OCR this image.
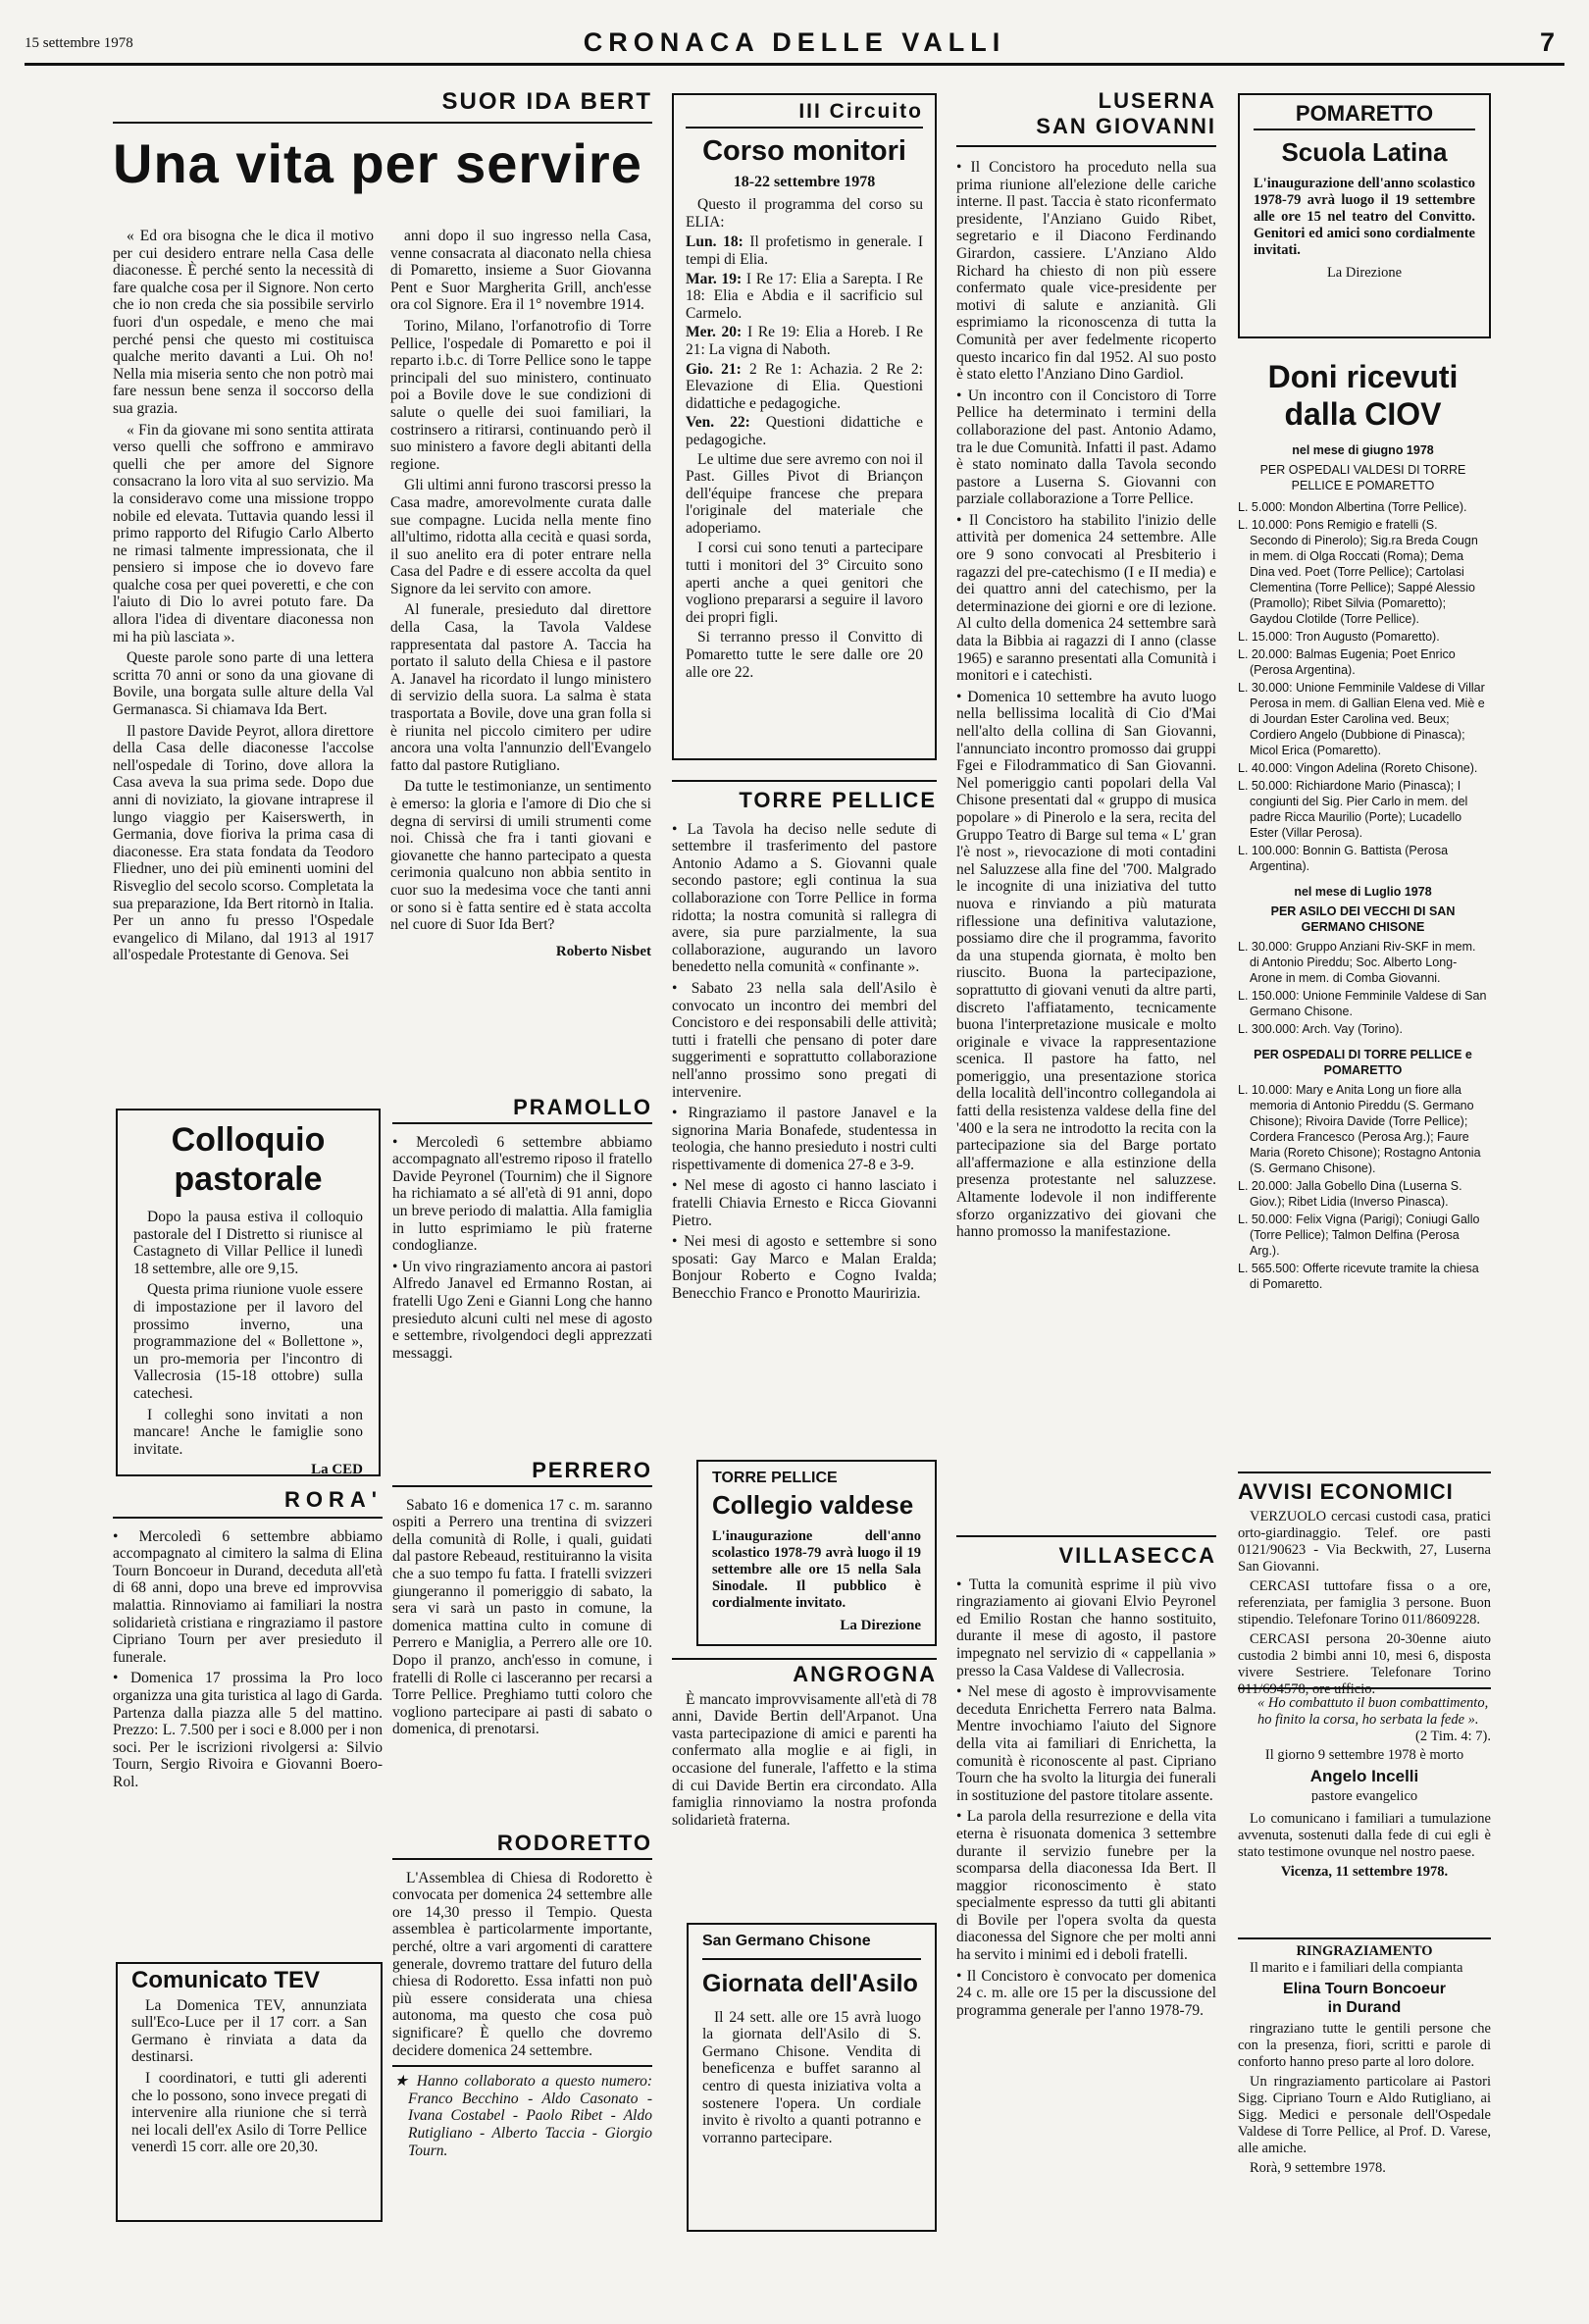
15 settembre 1978	CRONACA DELLE VALLI	7
SUOR IDA BERT
Una vita per servire

« Ed ora bisogna che le dica il motivo per cui desidero entrare nella Casa delle diaconesse. È perché sento la necessità di fare qualche cosa per il Signore. Non certo che io non creda che sia possibile servirlo fuori d'un ospedale, e meno che mai perché pensi che questo mi costituisca qualche merito davanti a Lui. Oh no! Nella mia miseria sento che non potrò mai fare nessun bene senza il soccorso della sua grazia.

« Fin da giovane mi sono sentita attirata verso quelli che soffrono e ammiravo quelli che per amore del Signore consacrano la loro vita al suo servizio. Ma la consideravo come una missione troppo nobile ed elevata. Tuttavia quando lessi il primo rapporto del Rifugio Carlo Alberto ne rimasi talmente impressionata, che il pensiero si impose che io dovevo fare qualche cosa per quei poveretti, e che con l'aiuto di Dio lo avrei potuto fare. Da allora l'idea di diventare diaconessa non mi ha più lasciata ».

Queste parole sono parte di una lettera scritta 70 anni or sono da una giovane di Bovile, una borgata sulle alture della Val Germanasca. Si chiamava Ida Bert.

Il pastore Davide Peyrot, allora direttore della Casa delle diaconesse l'accolse nell'ospedale di Torino, dove allora la Casa aveva la sua prima sede. Dopo due anni di noviziato, la giovane intraprese il lungo viaggio per Kaiserswerth, in Germania, dove fioriva la prima casa di diaconesse. Era stata fondata da Teodoro Fliedner, uno dei più eminenti uomini del Risveglio del secolo scorso. Completata la sua preparazione, Ida Bert ritornò in Italia. Per un anno fu presso l'Ospedale evangelico di Milano, dal 1913 al 1917 all'ospedale Protestante di Genova. Sei

anni dopo il suo ingresso nella Casa, venne consacrata al diaconato nella chiesa di Pomaretto, insieme a Suor Giovanna Pent e Suor Margherita Grill, anch'esse ora col Signore. Era il 1° novembre 1914.

Torino, Milano, l'orfanotrofio di Torre Pellice, l'ospedale di Pomaretto e poi il reparto i.b.c. di Torre Pellice sono le tappe principali del suo ministero, continuato poi a Bovile dove le sue condizioni di salute o quelle dei suoi familiari, la costrinsero a ritirarsi, continuando però il suo ministero a favore degli abitanti della regione.

Gli ultimi anni furono trascorsi presso la Casa madre, amorevolmente curata dalle sue compagne. Lucida nella mente fino all'ultimo, ridotta alla cecità e quasi sorda, il suo anelito era di poter entrare nella Casa del Padre e di essere accolta da quel Signore da lei servito con amore.

Al funerale, presieduto dal direttore della Casa, la Tavola Valdese rappresentata dal pastore A. Taccia ha portato il saluto della Chiesa e il pastore A. Janavel ha ricordato il lungo ministero di servizio della suora. La salma è stata trasportata a Bovile, dove una gran folla si è riunita nel piccolo cimitero per udire ancora una volta l'annunzio dell'Evangelo fatto dal pastore Rutigliano.

Da tutte le testimonianze, un sentimento è emerso: la gloria e l'amore di Dio che si degna di servirsi di umili strumenti come noi. Chissà che fra i tanti giovani e giovanette che hanno partecipato a questa cerimonia qualcuno non abbia sentito in cuor suo la medesima voce che tanti anni or sono si è fatta sentire ed è stata accolta nel cuore di Suor Ida Bert?

Roberto Nisbet
III Circuito
Corso monitori
18-22 settembre 1978

Questo il programma del corso su ELIA:

Lun. 18: Il profetismo in generale. I tempi di Elia.
Mar. 19: I Re 17: Elia a Sarepta. I Re 18: Elia e Abdia e il sacrificio sul Carmelo.
Mer. 20: I Re 19: Elia a Horeb. I Re 21: La vigna di Naboth.
Gio. 21: 2 Re 1: Achazia. 2 Re 2: Elevazione di Elia. Questioni didattiche e pedagogiche.
Ven. 22: Questioni didattiche e pedagogiche.

Le ultime due sere avremo con noi il Past. Gilles Pivot di Briançon dell'équipe francese che prepara l'originale del materiale che adoperiamo.

I corsi cui sono tenuti a partecipare tutti i monitori del 3° Circuito sono aperti anche a quei genitori che vogliono prepararsi a seguire il lavoro dei propri figli.

Si terranno presso il Convitto di Pomaretto tutte le sere dalle ore 20 alle ore 22.

TORRE PELLICE

• La Tavola ha deciso nelle sedute di settembre il trasferimento del pastore Antonio Adamo a S. Giovanni quale secondo pastore; egli continua la sua collaborazione con Torre Pellice in forma ridotta; la nostra comunità si rallegra di avere, sia pure parzialmente, la sua collaborazione, augurando un lavoro benedetto nella comunità « confinante ».

• Sabato 23 nella sala dell'Asilo è convocato un incontro dei membri del Concistoro e dei responsabili delle attività; tutti i fratelli che pensano di poter dare suggerimenti e soprattutto collaborazione nell'anno prossimo sono pregati di intervenire.

• Ringraziamo il pastore Janavel e la signorina Maria Bonafede, studentessa in teologia, che hanno presieduto i nostri culti rispettivamente di domenica 27-8 e 3-9.

• Nel mese di agosto ci hanno lasciato i fratelli Chiavia Ernesto e Ricca Giovanni Pietro.

• Nei mesi di agosto e settembre si sono sposati: Gay Marco e Malan Eralda; Bonjour Roberto e Cogno Ivalda; Benecchio Franco e Pronotto Mauririzia.

TORRE PELLICE
Collegio valdese
L'inaugurazione dell'anno scolastico 1978-79 avrà luogo il 19 settembre alle ore 15 nella Sala Sinodale. Il pubblico è cordialmente invitato.
La Direzione
ANGROGNA

È mancato improvvisamente all'età di 78 anni, Davide Bertin dell'Arpanot. Una vasta partecipazione di amici e parenti ha confermato alla moglie e ai figli, in occasione del funerale, l'affetto e la stima di cui Davide Bertin era circondato. Alla famiglia rinnoviamo la nostra profonda solidarietà fraterna.

San Germano Chisone
Giornata dell'Asilo

Il 24 sett. alle ore 15 avrà luogo la giornata dell'Asilo di S. Germano Chisone. Vendita di beneficenza e buffet saranno al centro di questa iniziativa volta a sostenere l'opera. Un cordiale invito è rivolto a quanti potranno e vorranno partecipare.

LUSERNA
SAN GIOVANNI

• Il Concistoro ha proceduto nella sua prima riunione all'elezione delle cariche interne. Il past. Taccia è stato riconfermato presidente, l'Anziano Guido Ribet, segretario e il Diacono Ferdinando Girardon, cassiere. L'Anziano Aldo Richard ha chiesto di non più essere confermato quale vice-presidente per motivi di salute e anzianità. Gli esprimiamo la riconoscenza di tutta la Comunità per aver fedelmente ricoperto questo incarico fin dal 1952. Al suo posto è stato eletto l'Anziano Dino Gardiol.

• Un incontro con il Concistoro di Torre Pellice ha determinato i termini della collaborazione del past. Antonio Adamo, tra le due Comunità. Infatti il past. Adamo è stato nominato dalla Tavola secondo pastore a Luserna S. Giovanni con parziale collaborazione a Torre Pellice.

• Il Concistoro ha stabilito l'inizio delle attività per domenica 24 settembre. Alle ore 9 sono convocati al Presbiterio i ragazzi del pre-catechismo (I e II media) e dei quattro anni del catechismo, per la determinazione dei giorni e ore di lezione. Al culto della domenica 24 settembre sarà data la Bibbia ai ragazzi di I anno (classe 1965) e saranno presentati alla Comunità i monitori e i catechisti.

• Domenica 10 settembre ha avuto luogo nella bellissima località di Cio d'Mai nell'alto della collina di San Giovanni, l'annunciato incontro promosso dai gruppi Fgei e Filodrammatico di San Giovanni. Nel pomeriggio canti popolari della Val Chisone presentati dal « gruppo di musica popolare » di Pinerolo e la sera, recita del Gruppo Teatro di Barge sul tema « L' gran l'è nost », rievocazione di moti contadini nel Saluzzese alla fine del '700. Malgrado le incognite di una iniziativa del tutto nuova e rinviando a più maturata riflessione una definitiva valutazione, possiamo dire che il programma, favorito da una stupenda giornata, è molto ben riuscito. Buona la partecipazione, soprattutto di giovani venuti da altre parti, discreto l'affiatamento, tecnicamente buona l'interpretazione musicale e molto originale e vivace la rappresentazione scenica. Il pastore ha fatto, nel pomeriggio, una presentazione storica della località dell'incontro collegandola ai fatti della resistenza valdese della fine del '400 e la sera ne introdotto la recita con la partecipazione sia del Barge portato all'affermazione e alla estinzione della presenza protestante nel saluzzese. Altamente lodevole il non indifferente sforzo organizzativo dei giovani che hanno promosso la manifestazione.

VILLASECCA

• Tutta la comunità esprime il più vivo ringraziamento ai giovani Elvio Peyronel ed Emilio Rostan che hanno sostituito, durante il mese di agosto, il pastore impegnato nel servizio di « cappellania » presso la Casa Valdese di Vallecrosia.

• Nel mese di agosto è improvvisamente deceduta Enrichetta Ferrero nata Balma. Mentre invochiamo l'aiuto del Signore della vita ai familiari di Enrichetta, la comunità è riconoscente al past. Cipriano Tourn che ha svolto la liturgia dei funerali in sostituzione del pastore titolare assente.

• La parola della resurrezione e della vita eterna è risuonata domenica 3 settembre durante il servizio funebre per la scomparsa della diaconessa Ida Bert. Il maggior riconoscimento è stato specialmente espresso da tutti gli abitanti di Bovile per l'opera svolta da questa diaconessa del Signore che per molti anni ha servito i minimi ed i deboli fratelli.

• Il Concistoro è convocato per domenica 24 c. m. alle ore 15 per la discussione del programma generale per l'anno 1978-79.

POMARETTO
Scuola Latina
L'inaugurazione dell'anno scolastico 1978-79 avrà luogo il 19 settembre alle ore 15 nel teatro del Convitto. Genitori ed amici sono cordialmente invitati.
La Direzione
Doni ricevuti
dalla CIOV
nel mese di giugno 1978
PER OSPEDALI VALDESI DI TORRE PELLICE E POMARETTO
L. 5.000: Mondon Albertina (Torre Pellice).
L. 10.000: Pons Remigio e fratelli (S. Secondo di Pinerolo); Sig.ra Breda Cougn in mem. di Olga Roccati (Roma); Dema Dina ved. Poet (Torre Pellice); Cartolasi Clementina (Torre Pellice); Sappé Alessio (Pramollo); Ribet Silvia (Pomaretto); Gaydou Clotilde (Torre Pellice).
L. 15.000: Tron Augusto (Pomaretto).
L. 20.000: Balmas Eugenia; Poet Enrico (Perosa Argentina).
L. 30.000: Unione Femminile Valdese di Villar Perosa in mem. di Gallian Elena ved. Miè e di Jourdan Ester Carolina ved. Beux; Cordiero Angelo (Dubbione di Pinasca); Micol Erica (Pomaretto).
L. 40.000: Vingon Adelina (Roreto Chisone).
L. 50.000: Richiardone Mario (Pinasca); I congiunti del Sig. Pier Carlo in mem. del padre Ricca Maurilio (Porte); Lucadello Ester (Villar Perosa).
L. 100.000: Bonnin G. Battista (Perosa Argentina).
nel mese di Luglio 1978
PER ASILO DEI VECCHI DI SAN GERMANO CHISONE
L. 30.000: Gruppo Anziani Riv-SKF in mem. di Antonio Pireddu; Soc. Alberto Long-Arone in mem. di Comba Giovanni.
L. 150.000: Unione Femminile Valdese di San Germano Chisone.
L. 300.000: Arch. Vay (Torino).
PER OSPEDALI DI TORRE PELLICE e POMARETTO
L. 10.000: Mary e Anita Long un fiore alla memoria di Antonio Pireddu (S. Germano Chisone); Rivoira Davide (Torre Pellice); Cordera Francesco (Perosa Arg.); Faure Maria (Roreto Chisone); Rostagno Antonia (S. Germano Chisone).
L. 20.000: Jalla Gobello Dina (Luserna S. Giov.); Ribet Lidia (Inverso Pinasca).
L. 50.000: Felix Vigna (Parigi); Coniugi Gallo (Torre Pellice); Talmon Delfina (Perosa Arg.).
L. 565.500: Offerte ricevute tramite la chiesa di Pomaretto.
AVVISI ECONOMICI

VERZUOLO cercasi custodi casa, pratici orto-giardinaggio. Telef. ore pasti 0121/90623 - Via Beckwith, 27, Luserna San Giovanni.

CERCASI tuttofare fissa o a ore, referenziata, per famiglia 3 persone. Buon stipendio. Telefonare Torino 011/8609228.

CERCASI persona 20-30enne aiuto custodia 2 bimbi anni 10, mesi 6, disposta vivere Sestriere. Telefonare Torino 011/694578, ore ufficio.

« Ho combattuto il buon combattimento, ho finito la corsa, ho serbata la fede ».
(2 Tim. 4: 7).
Il giorno 9 settembre 1978 è morto
Angelo Incelli
pastore evangelico

Lo comunicano i familiari a tumulazione avvenuta, sostenuti dalla fede di cui egli è stato testimone ovunque nel nostro paese.

Vicenza, 11 settembre 1978.
RINGRAZIAMENTO

Il marito e i familiari della compianta

Elina Tourn Boncoeur
in Durand

ringraziano tutte le gentili persone che con la presenza, fiori, scritti e parole di conforto hanno preso parte al loro dolore.

Un ringraziamento particolare ai Pastori Sigg. Cipriano Tourn e Aldo Rutigliano, ai Sigg. Medici e personale dell'Ospedale Valdese di Torre Pellice, al Prof. D. Varese, alle amiche.

Rorà, 9 settembre 1978.
Colloquio
pastorale

Dopo la pausa estiva il colloquio pastorale del I Distretto si riunisce al Castagneto di Villar Pellice il lunedì 18 settembre, alle ore 9,15.

Questa prima riunione vuole essere di impostazione per il lavoro del prossimo inverno, una programmazione del « Bollettone », un pro-memoria per l'incontro di Vallecrosia (15-18 ottobre) sulla catechesi.

I colleghi sono invitati a non mancare! Anche le famiglie sono invitate.

La CED
RORA'

• Mercoledì 6 settembre abbiamo accompagnato al cimitero la salma di Elina Tourn Boncoeur in Durand, deceduta all'età di 68 anni, dopo una breve ed improvvisa malattia. Rinnoviamo ai familiari la nostra solidarietà cristiana e ringraziamo il pastore Cipriano Tourn per aver presieduto il funerale.

• Domenica 17 prossima la Pro loco organizza una gita turistica al lago di Garda. Partenza dalla piazza alle 5 del mattino. Prezzo: L. 7.500 per i soci e 8.000 per i non soci. Per le iscrizioni rivolgersi a: Silvio Tourn, Sergio Rivoira e Giovanni Boero-Rol.

Comunicato TEV

La Domenica TEV, annunziata sull'Eco-Luce per il 17 corr. a San Germano è rinviata a data da destinarsi.

I coordinatori, e tutti gli aderenti che lo possono, sono invece pregati di intervenire alla riunione che si terrà nei locali dell'ex Asilo di Torre Pellice venerdì 15 corr. alle ore 20,30.

PRAMOLLO

• Mercoledì 6 settembre abbiamo accompagnato all'estremo riposo il fratello Davide Peyronel (Tournim) che il Signore ha richiamato a sé all'età di 91 anni, dopo un breve periodo di malattia. Alla famiglia in lutto esprimiamo le più fraterne condoglianze.

• Un vivo ringraziamento ancora ai pastori Alfredo Janavel ed Ermanno Rostan, ai fratelli Ugo Zeni e Gianni Long che hanno presieduto alcuni culti nel mese di agosto e settembre, rivolgendoci degli apprezzati messaggi.

PERRERO

Sabato 16 e domenica 17 c. m. saranno ospiti a Perrero una trentina di svizzeri della comunità di Rolle, i quali, guidati dal pastore Rebeaud, restituiranno la visita che a suo tempo fu fatta. I fratelli svizzeri giungeranno il pomeriggio di sabato, la sera vi sarà un pasto in comune, la domenica mattina culto in comune di Perrero e Maniglia, a Perrero alle ore 10. Dopo il pranzo, anch'esso in comune, i fratelli di Rolle ci lasceranno per recarsi a Torre Pellice. Preghiamo tutti coloro che vogliono partecipare ai pasti di sabato o domenica, di prenotarsi.

RODORETTO

L'Assemblea di Chiesa di Rodoretto è convocata per domenica 24 settembre alle ore 14,30 presso il Tempio. Questa assemblea è particolarmente importante, perché, oltre a vari argomenti di carattere generale, dovremo trattare del futuro della chiesa di Rodoretto. Essa infatti non può più essere considerata una chiesa autonoma, ma questo che cosa può significare? È quello che dovremo decidere domenica 24 settembre.

★ Hanno collaborato a questo numero: Franco Becchino - Aldo Casonato - Ivana Costabel - Paolo Ribet - Aldo Rutigliano - Alberto Taccia - Giorgio Tourn.
